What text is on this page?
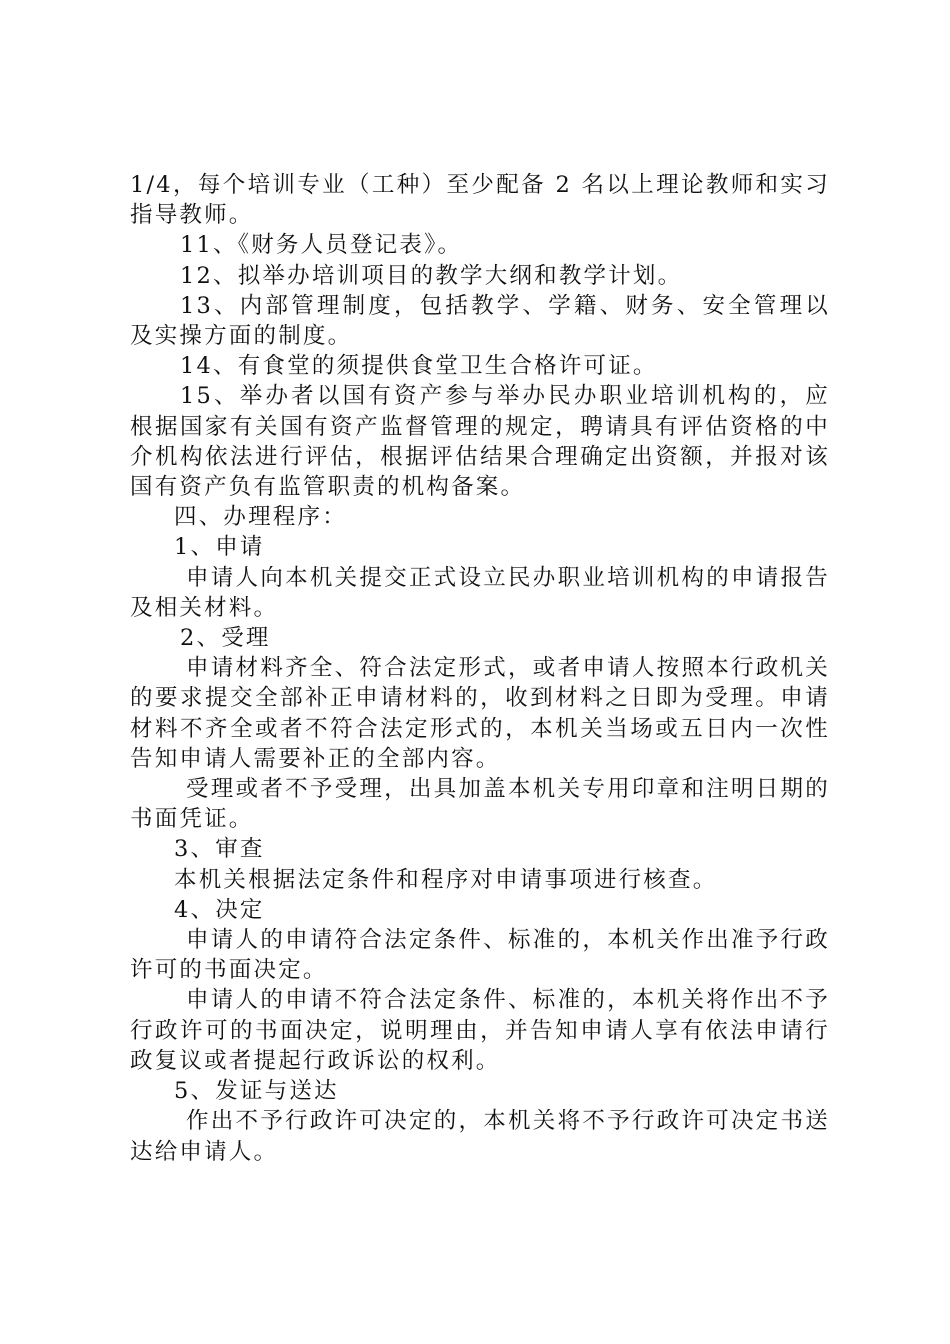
1/4，每个培训专业（工种）至少配备 2 名以上理论教师和实习指导教师。

11、《财务人员登记表》。

12、拟举办培训项目的教学大纲和教学计划。

13、内部管理制度，包括教学、学籍、财务、安全管理以及实操方面的制度。

14、有食堂的须提供食堂卫生合格许可证。

15、举办者以国有资产参与举办民办职业培训机构的，应根据国家有关国有资产监督管理的规定，聘请具有评估资格的中介机构依法进行评估，根据评估结果合理确定出资额，并报对该国有资产负有监管职责的机构备案。

四、办理程序：

1、申请

申请人向本机关提交正式设立民办职业培训机构的申请报告及相关材料。

2、受理

申请材料齐全、符合法定形式，或者申请人按照本行政机关的要求提交全部补正申请材料的，收到材料之日即为受理。申请材料不齐全或者不符合法定形式的，本机关当场或五日内一次性告知申请人需要补正的全部内容。

受理或者不予受理，出具加盖本机关专用印章和注明日期的书面凭证。

3、审查

本机关根据法定条件和程序对申请事项进行核查。

4、决定

申请人的申请符合法定条件、标准的，本机关作出准予行政许可的书面决定。

申请人的申请不符合法定条件、标准的，本机关将作出不予行政许可的书面决定，说明理由，并告知申请人享有依法申请行政复议或者提起行政诉讼的权利。

5、发证与送达

作出不予行政许可决定的，本机关将不予行政许可决定书送达给申请人。
